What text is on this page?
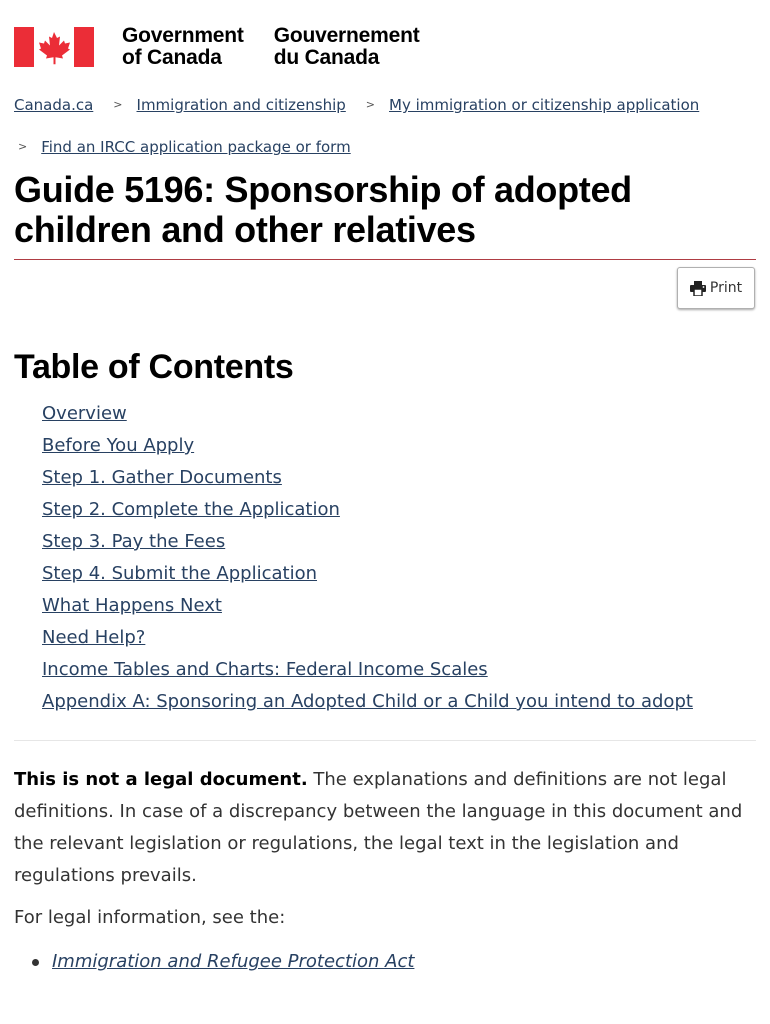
Government
of Canada
Gouvernement
du Canada
Canada.ca > Immigration and citizenship > My immigration or citizenship application
> Find an IRCC application package or form
Guide 5196: Sponsorship of adopted children and other relatives
Print
Table of Contents
Overview
Before You Apply
Step 1. Gather Documents
Step 2. Complete the Application
Step 3. Pay the Fees
Step 4. Submit the Application
What Happens Next
Need Help?
Income Tables and Charts: Federal Income Scales
Appendix A: Sponsoring an Adopted Child or a Child you intend to adopt

This is not a legal document. The explanations and definitions are not legal definitions. In case of a discrepancy between the language in this document and the relevant legislation or regulations, the legal text in the legislation and regulations prevails.

For legal information, see the:

Immigration and Refugee Protection Act
